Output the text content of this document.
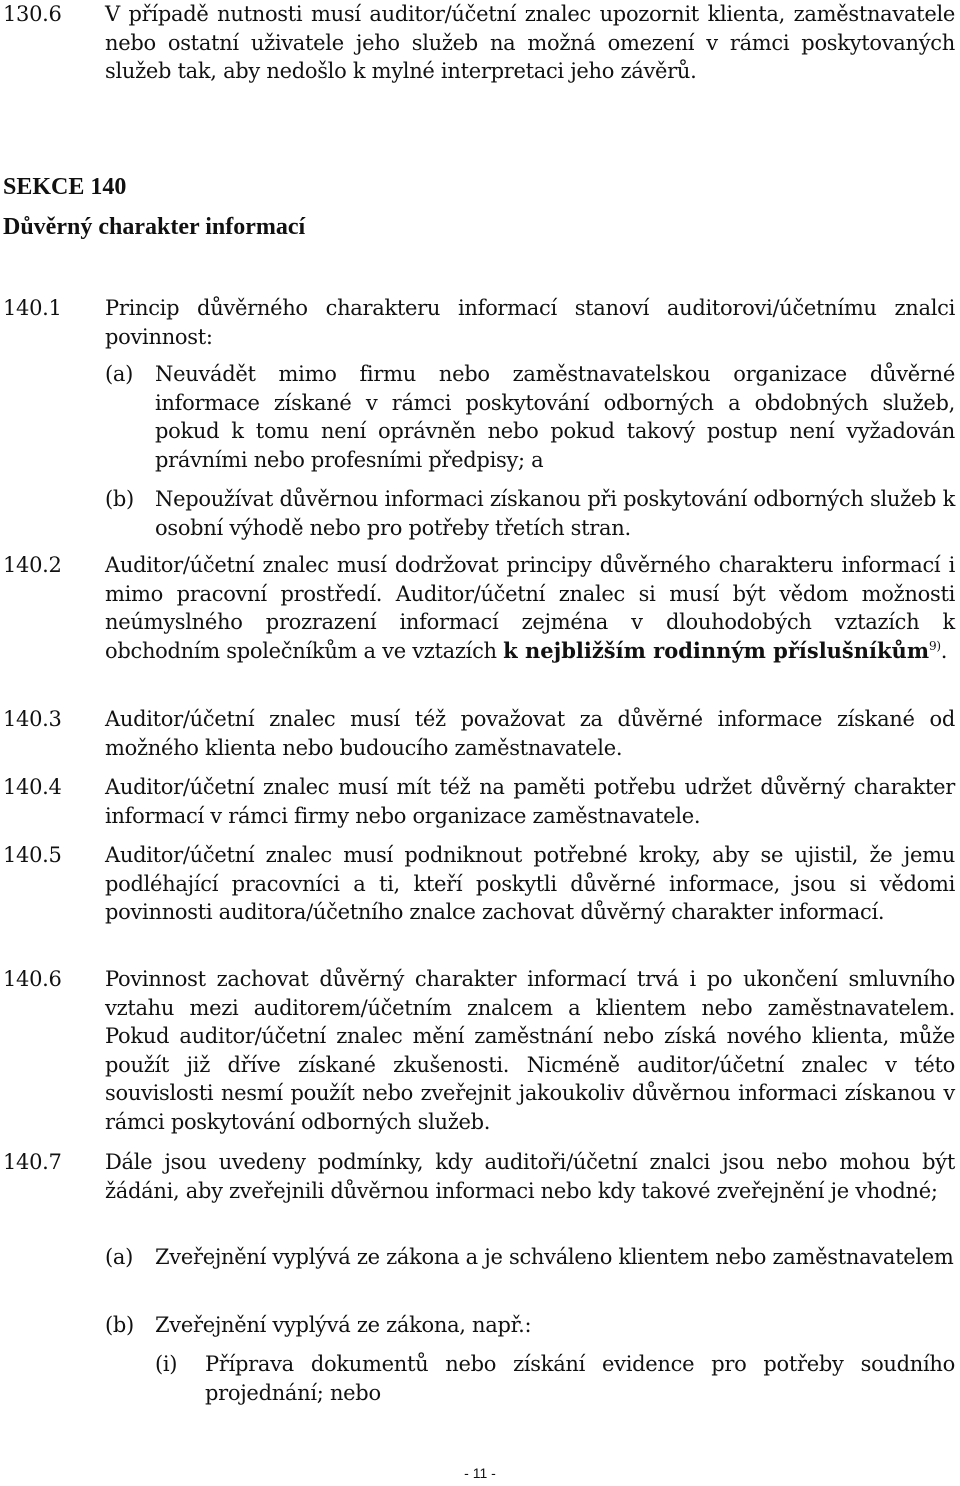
130.6 V případě nutnosti musí auditor/účetní znalec upozornit klienta, zaměstnavatele nebo ostatní uživatele jeho služeb na možná omezení v rámci poskytovaných služeb tak, aby nedošlo k mylné interpretaci jeho závěrů.
SEKCE 140
Důvěrný charakter informací
140.1 Princip důvěrného charakteru informací stanoví auditorovi/účetnímu znalci povinnost:
(a) Neuvádět mimo firmu nebo zaměstnavatelskou organizace důvěrné informace získané v rámci poskytování odborných a obdobných služeb, pokud k tomu není oprávněn nebo pokud takový postup není vyžadován právními nebo profesními předpisy; a
(b) Nepoužívat důvěrnou informaci získanou při poskytování odborných služeb k osobní výhodě nebo pro potřeby třetích stran.
140.2 Auditor/účetní znalec musí dodržovat principy důvěrného charakteru informací i mimo pracovní prostředí. Auditor/účetní znalec si musí být vědom možnosti neúmyslného prozrazení informací zejména v dlouhodobých vztazích k obchodním společníkům a ve vztazích k nejbližším rodinným příslušníkům$^{9)}$.
140.3 Auditor/účetní znalec musí též považovat za důvěrné informace získané od možného klienta nebo budoucího zaměstnavatele.
140.4 Auditor/účetní znalec musí mít též na paměti potřebu udržet důvěrný charakter informací v rámci firmy nebo organizace zaměstnavatele.
140.5 Auditor/účetní znalec musí podniknout potřebné kroky, aby se ujistil, že jemu podléhající pracovníci a ti, kteří poskytli důvěrné informace, jsou si vědomi povinnosti auditora/účetního znalce zachovat důvěrný charakter informací.
140.6 Povinnost zachovat důvěrný charakter informací trvá i po ukončení smluvního vztahu mezi auditorem/účetním znalcem a klientem nebo zaměstnavatelem. Pokud auditor/účetní znalec mění zaměstnání nebo získá nového klienta, může použít již dříve získané zkušenosti. Nicméně auditor/účetní znalec v této souvislosti nesmí použít nebo zveřejnit jakoukoliv důvěrnou informaci získanou v rámci poskytování odborných služeb.
140.7 Dále jsou uvedeny podmínky, kdy auditoři/účetní znalci jsou nebo mohou být žádáni, aby zveřejnili důvěrnou informaci nebo kdy takové zveřejnění je vhodné;
(a) Zveřejnění vyplývá ze zákona a je schváleno klientem nebo zaměstnavatelem
(b) Zveřejnění vyplývá ze zákona, např.:
(i) Příprava dokumentů nebo získání evidence pro potřeby soudního projednání; nebo
- 11 -
